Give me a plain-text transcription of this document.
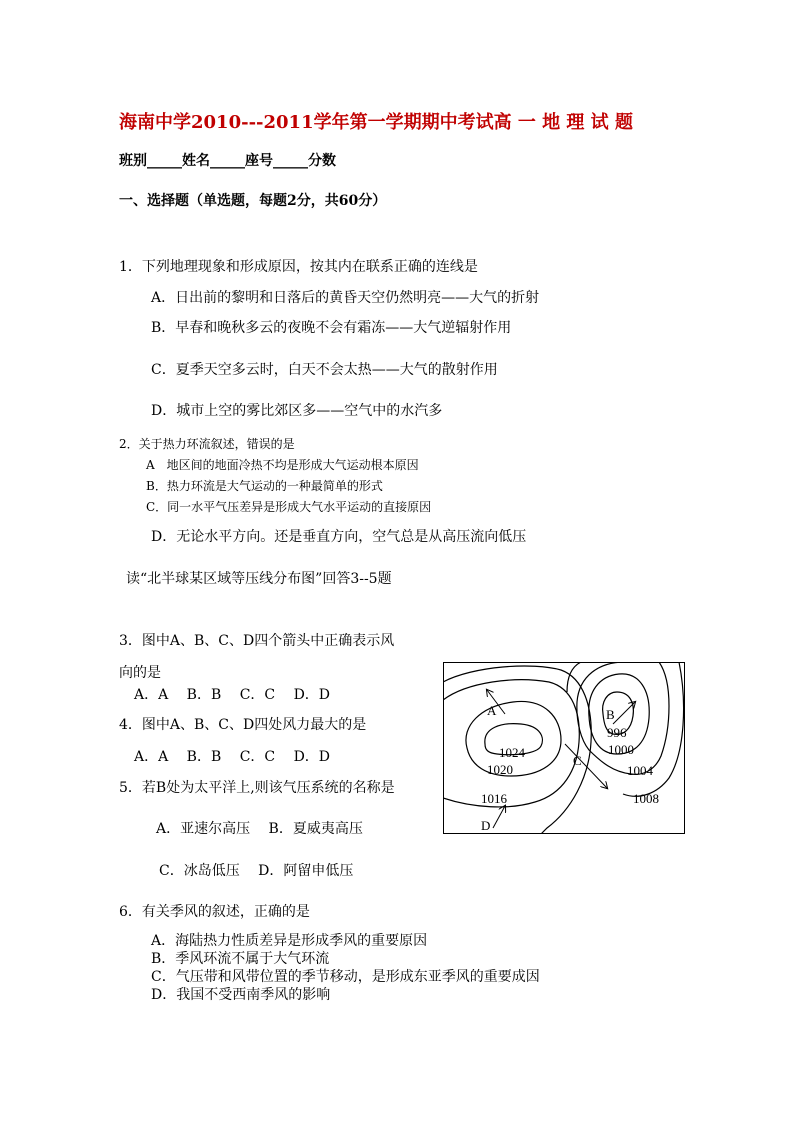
海南中学2010---2011学年第一学期期中考试高 一 地 理 试 题
班别_____姓名_____座号_____分数
一、选择题（单选题，每题2分，共60分）
1．下列地理现象和形成原因，按其内在联系正确的连线是
A．日出前的黎明和日落后的黄昏天空仍然明亮——大气的折射
B．早春和晚秋多云的夜晚不会有霜冻——大气逆辐射作用
C．夏季天空多云时，白天不会太热——大气的散射作用
D．城市上空的雾比郊区多——空气中的水汽多
2．关于热力环流叙述，错误的是
A　地区间的地面冷热不均是形成大气运动根本原因
B．热力环流是大气运动的一种最简单的形式
C．同一水平气压差异是形成大气水平运动的直接原因
D．无论水平方向。还是垂直方向，空气总是从高压流向低压
读“北半球某区域等压线分布图”回答3--5题
3．图中A、B、C、D四个箭头中正确表示风
向的是
A．A　 B．B　 C．C　 D．D
4．图中A、B、C、D四处风力最大的是
A．A　 B．B　 C．C　 D．D
5．若B处为太平洋上,则该气压系统的名称是
A．亚速尔高压　 B．夏威夷高压
C．冰岛低压　 D．阿留申低压
6．有关季风的叙述，正确的是
A．海陆热力性质差异是形成季风的重要原因
B．季风环流不属于大气环流
C．气压带和风带位置的季节移动，是形成东亚季风的重要成因
D．我国不受西南季风的影响
1024
1020
1016
996
1000
1004
1008
A	B
C
D
